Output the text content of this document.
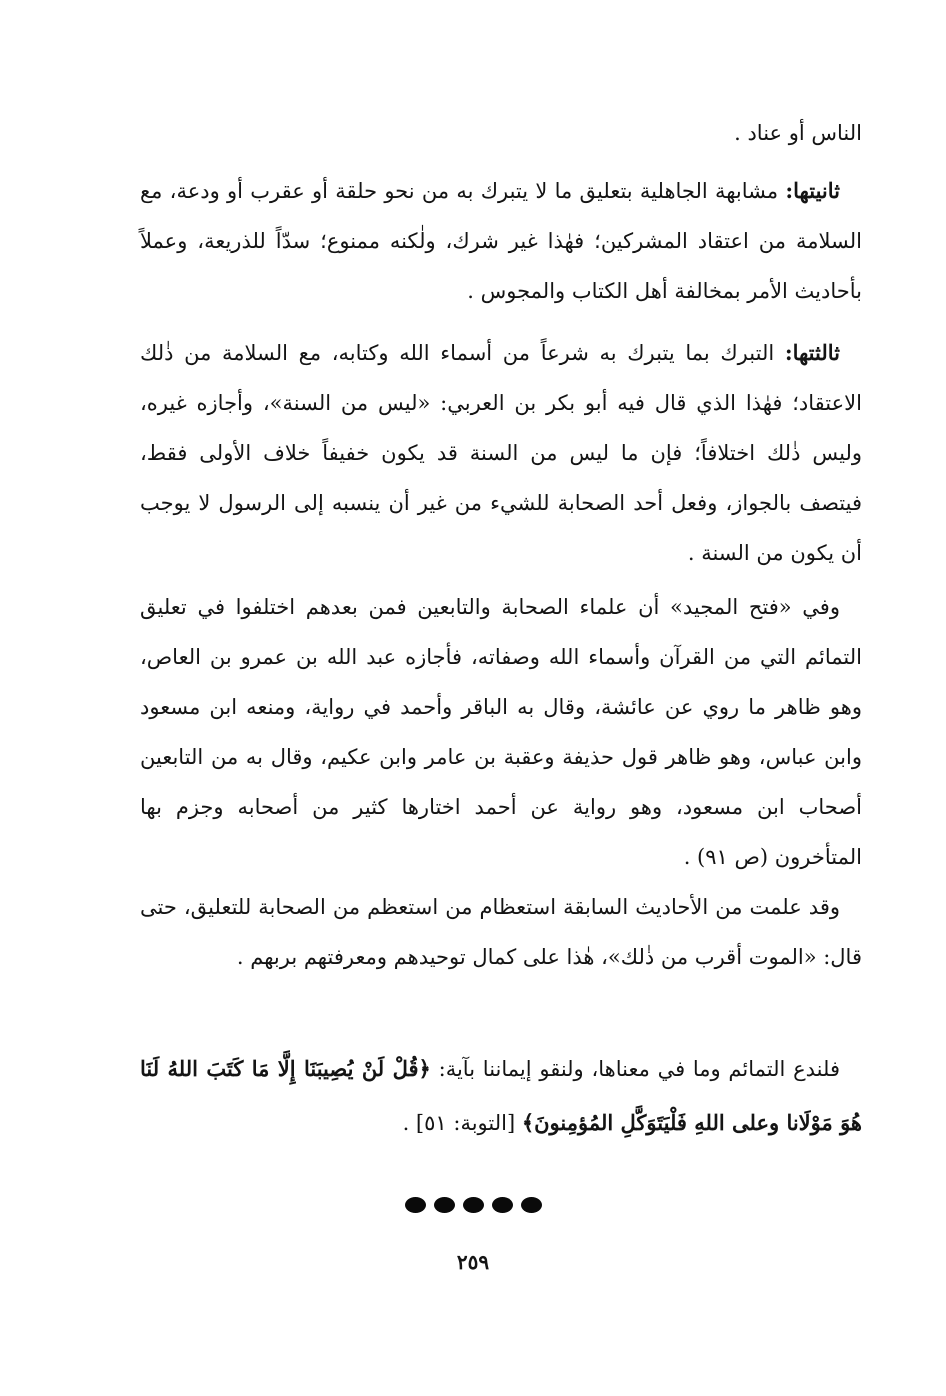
الناس أو عناد .

ثانيتها: مشابهة الجاهلية بتعليق ما لا يتبرك به من نحو حلقة أو عقرب أو ودعة، مع السلامة من اعتقاد المشركين؛ فهٰذا غير شرك، ولٰكنه ممنوع؛ سدّاً للذريعة، وعملاً بأحاديث الأمر بمخالفة أهل الكتاب والمجوس .

ثالثتها: التبرك بما يتبرك به شرعاً من أسماء الله وكتابه، مع السلامة من ذٰلك الاعتقاد؛ فهٰذا الذي قال فيه أبو بكر بن العربي: «ليس من السنة»، وأجازه غيره، وليس ذٰلك اختلافاً؛ فإن ما ليس من السنة قد يكون خفيفاً خلاف الأولى فقط، فيتصف بالجواز، وفعل أحد الصحابة للشيء من غير أن ينسبه إلى الرسول لا يوجب أن يكون من السنة .

وفي «فتح المجيد» أن علماء الصحابة والتابعين فمن بعدهم اختلفوا في تعليق التمائم التي من القرآن وأسماء الله وصفاته، فأجازه عبد الله بن عمرو بن العاص، وهو ظاهر ما روي عن عائشة، وقال به الباقر وأحمد في رواية، ومنعه ابن مسعود وابن عباس، وهو ظاهر قول حذيفة وعقبة بن عامر وابن عكيم، وقال به من التابعين أصحاب ابن مسعود، وهو رواية عن أحمد اختارها كثير من أصحابه وجزم بها المتأخرون (ص ٩١) .

وقد علمت من الأحاديث السابقة استعظام من استعظم من الصحابة للتعليق، حتى قال: «الموت أقرب من ذٰلك»، هٰذا على كمال توحيدهم ومعرفتهم بربهم .

فلندع التمائم وما في معناها، ولنقو إيماننا بآية: ﴿قُلْ لَنْ يُصِيبَنَا إِلَّا مَا كَتَبَ اللهُ لَنَا هُوَ مَوْلَانا وعلى اللهِ فَلْيَتَوَكَّلِ المُؤمِنونَ﴾ [التوبة: ٥١] .

٢٥٩
